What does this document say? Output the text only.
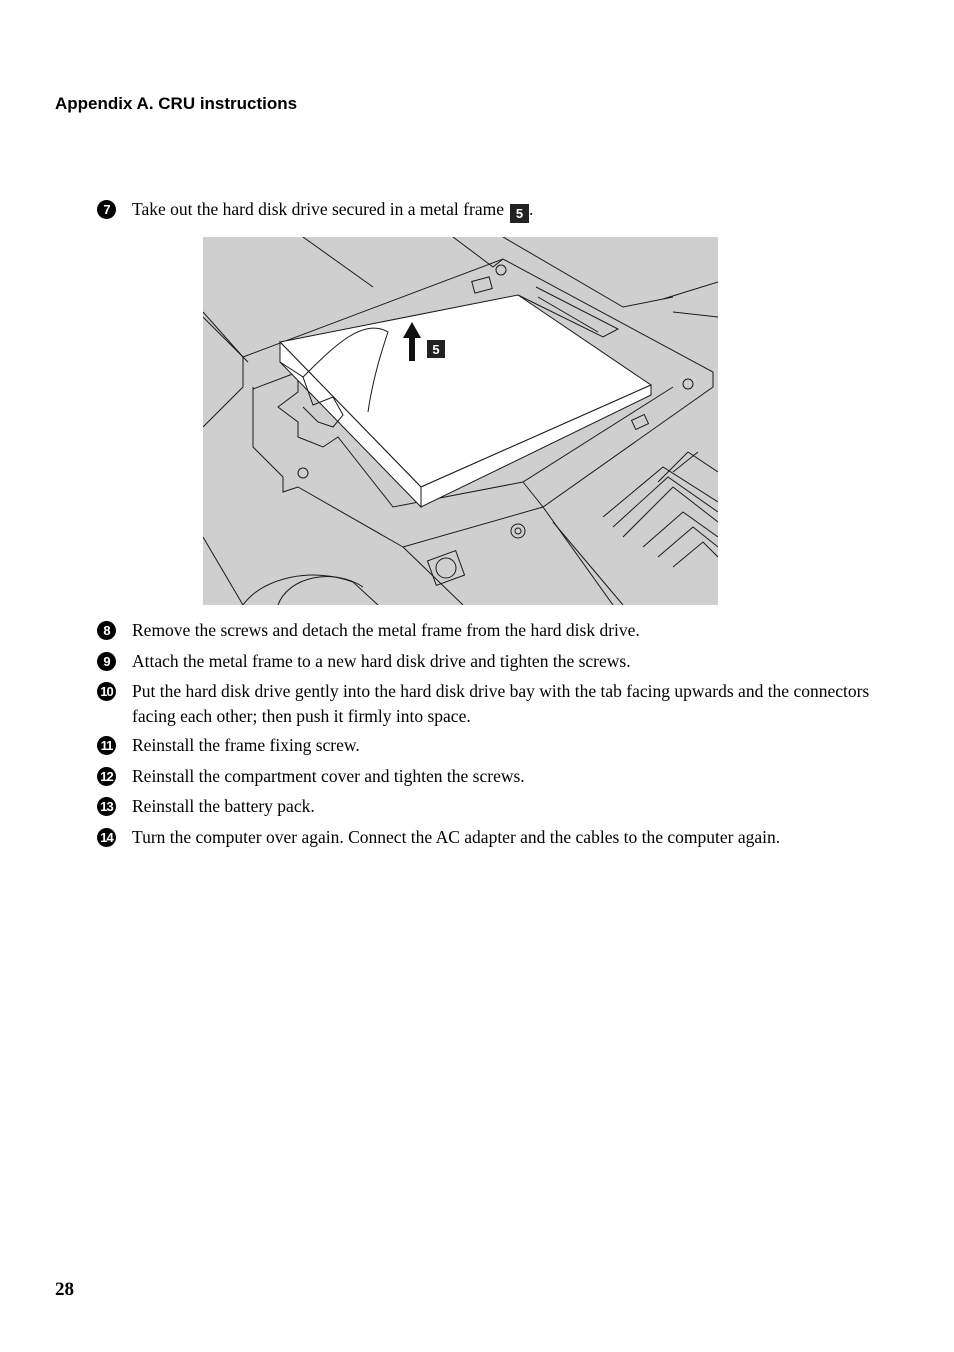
Appendix A. CRU instructions
7	Take out the hard disk drive secured in a metal frame 5 .
5
8	Remove the screws and detach the metal frame from the hard disk drive.
9	Attach the metal frame to a new hard disk drive and tighten the screws.
10 Put the hard disk drive gently into the hard disk drive bay with the tab facing upwards and the connectors facing each other; then push it firmly into space.
11 Reinstall the frame fixing screw.
12 Reinstall the compartment cover and tighten the screws.
13 Reinstall the battery pack.
14 Turn the computer over again. Connect the AC adapter and the cables to the computer again.
28
